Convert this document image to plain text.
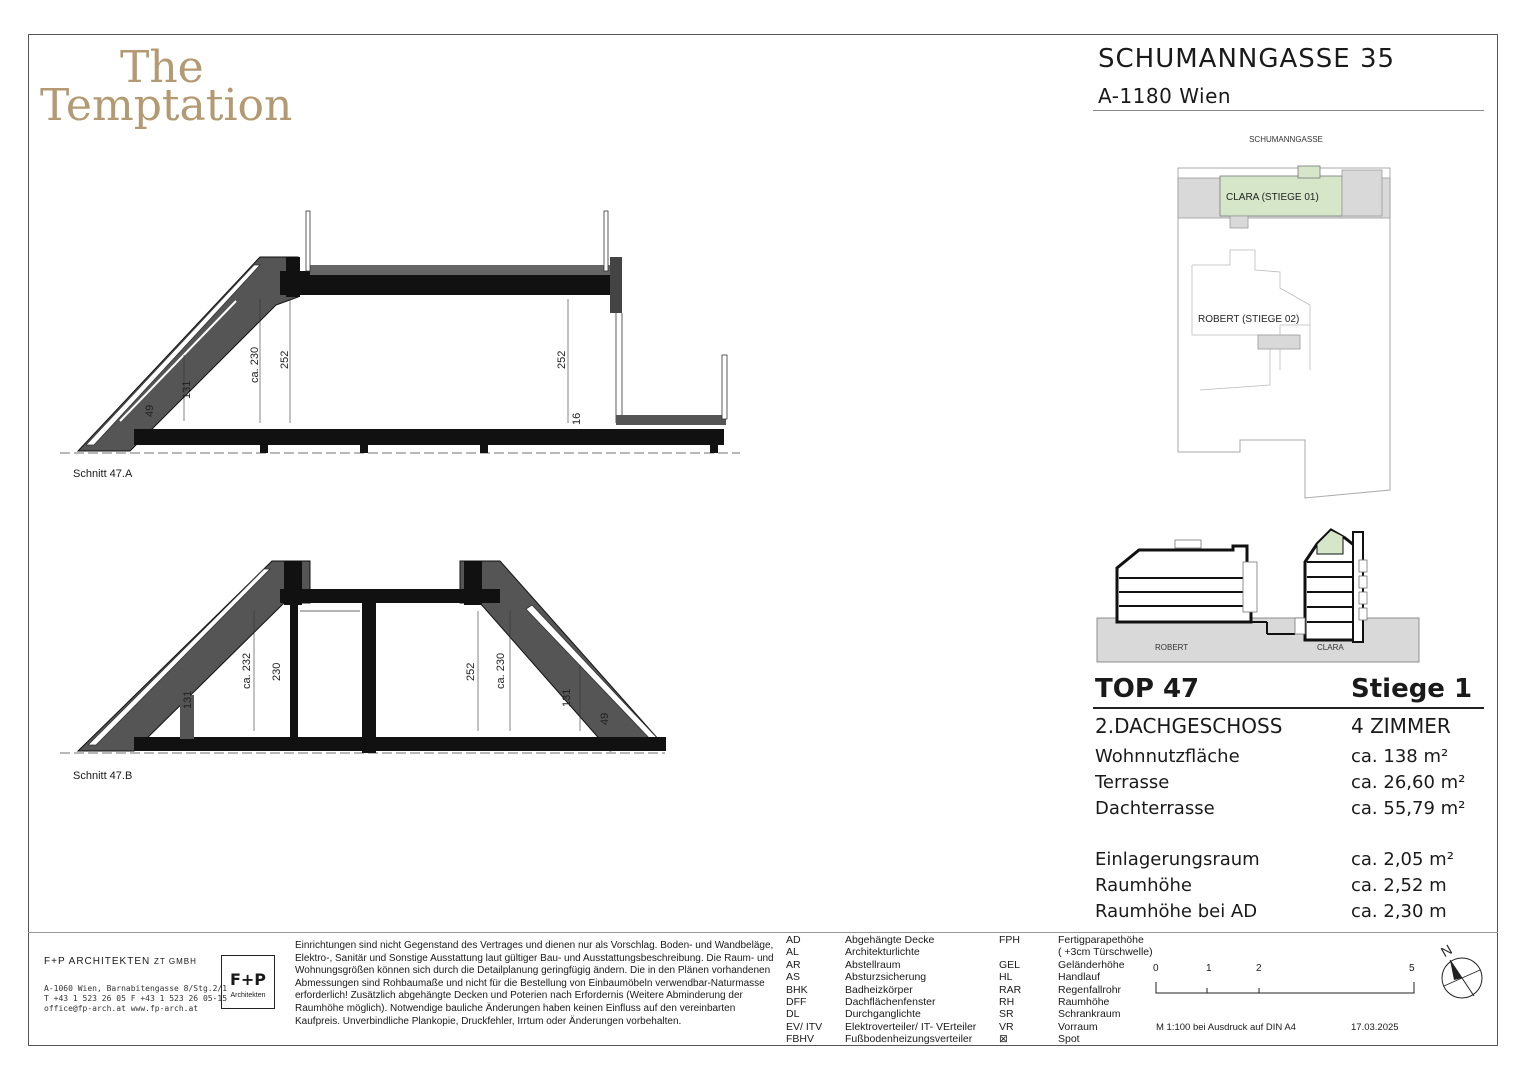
The
Temptation
SCHUMANNGASSE 35
A-1180 Wien
SCHUMANNGASSE
CLARA (STIEGE 01)
ROBERT (STIEGE 02)
ROBERT	CLARA
49
131
ca. 230 252	252
16
Schnitt 47.A
131
ca. 232 230	252 ca. 230
131
49
Schnitt 47.B
TOP 47	Stiege 1
2.DACHGESCHOSS	4 ZIMMER
Wohnnutzfläche	ca. 138 m²
Terrasse	ca. 26,60 m²
Dachterrasse	ca. 55,79 m²
Einlagerungsraum	ca. 2,05 m²
Raumhöhe	ca. 2,52 m
Raumhöhe bei AD	ca. 2,30 m
F+P ARCHITEKTEN ZT GMBH
A-1060 Wien, Barnabitengasse 8/Stg.2/1
T +43 1 523 26 05 F +43 1 523 26 05-15
office@fp-arch.at www.fp-arch.at
F+P
Architekten
Einrichtungen sind nicht Gegenstand des Vertrages und dienen nur als Vorschlag. Boden- und Wandbeläge, Elektro-, Sanitär und Sonstige Ausstattung laut gültiger Bau- und Ausstattungsbeschreibung. Die Raum- und Wohnungsgrößen können sich durch die Detailplanung geringfügig ändern. Die in den Plänen vorhandenen Abmessungen sind Rohbaumaße und nicht für die Bestellung von Einbaumöbeln verwendbar-Naturmasse erforderlich! Zusätzlich abgehängte Decken und Poterien nach Erfordernis (Weitere Abminderung der Raumhöhe möglich). Notwendige bauliche Änderungen haben keinen Einfluss auf den vereinbarten Kaufpreis. Unverbindliche Plankopie, Druckfehler, Irrtum oder Änderungen vorbehalten.
AD	Abgehängte Decke
AL	Architekturlichte
AR	Abstellraum
AS	Absturzsicherung
BHK	Badheizkörper
DFF	Dachflächenfenster
DL	Durchganglichte
EV/ ITV Elektroverteiler/ IT- VErteiler
FBHV	Fußbodenheizungsverteiler
FPH	Fertigparapethöhe
( +3cm Türschwelle)
GEL	Geländerhöhe
HL	Handlauf
RAR	Regenfallrohr
RH	Raumhöhe
SR	Schrankraum
VR	Vorraum
⊠	Spot
0	1	2	5
M 1:100 bei Ausdruck auf DIN A4	17.03.2025
N
